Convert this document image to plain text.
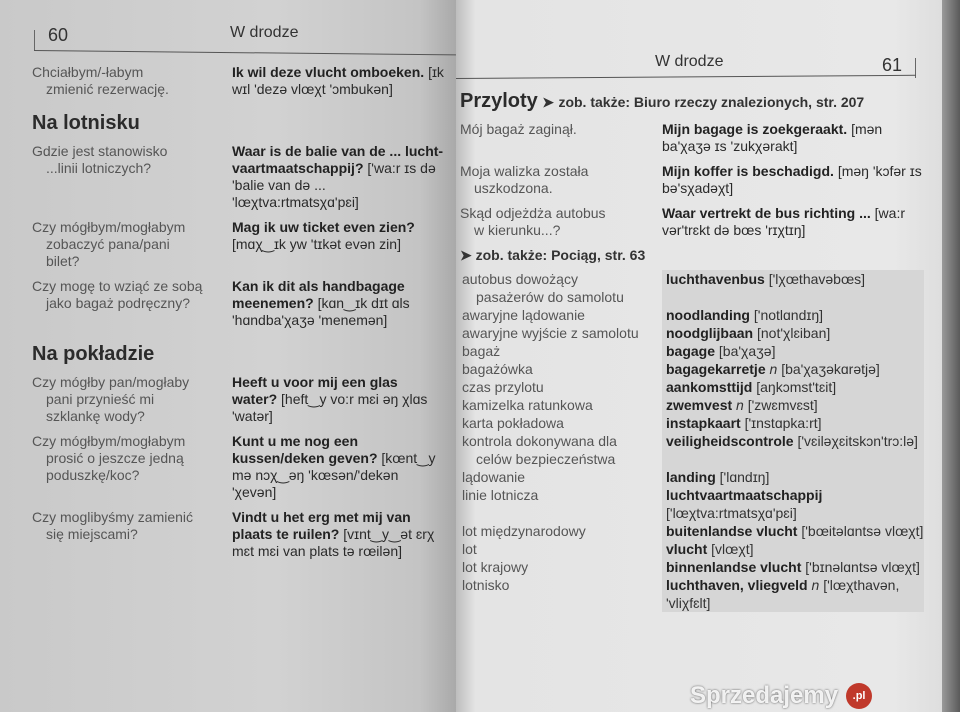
60	W drodze
Chciałbym/-łabym
zmienić rezerwację.
Ik wil deze vlucht omboeken. [ɪk wɪl 'dezə vlœχt 'ɔmbukən]
Na lotnisku
Gdzie jest stanowisko
...linii lotniczych?
Waar is de balie van de ... lucht-vaartmaatschappij? ['wa:r ɪs də 'balie van də ... 'lœχtva:rtmatsχɑ'pɛi]
Czy mógłbym/mogłabym
zobaczyć pana/pani
bilet?
Mag ik uw ticket even zien? [mɑχ‿ɪk yw 'tɪkət evən zin]
Czy mogę to wziąć ze sobą
jako bagaż podręczny?
Kan ik dit als handbagage meenemen? [kɑn‿ɪk dɪt ɑls 'hɑndba'χaʒə 'menemən]
Na pokładzie
Czy mógłby pan/mogłaby
pani przynieść mi
szklankę wody?
Heeft u voor mij een glas water? [heft‿y vo:r mɛi əŋ χlɑs 'watər]
Czy mógłbym/mogłabym
prosić o jeszcze jedną
poduszkę/koc?
Kunt u me nog een kussen/deken geven? [kœnt‿y mə nɔχ‿əŋ 'kœsən/'dekən 'χevən]
Czy moglibyśmy zamienić
się miejscami?
Vindt u het erg met mij van plaats te ruilen? [vɪnt‿y‿ət ɛrχ mɛt mɛi van plats tə rœilən]
W drodze	61
Przyloty ➤ zob. także: Biuro rzeczy znalezionych, str. 207
Mój bagaż zaginął.	Mijn bagage is zoekgeraakt. [mən ba'χaʒə ɪs 'zukχərakt]
Moja walizka została
uszkodzona.
Mijn koffer is beschadigd. [məŋ 'kɔfər ɪs bə'sχadəχt]
Skąd odjeżdża autobus
w kierunku...?
Waar vertrekt de bus richting ... [wa:r vər'trɛkt də bœs 'rɪχtɪŋ]
➤ zob. także: Pociąg, str. 63
autobus dowożący
pasażerów do samolotu
luchthavenbus ['lχœthavəbœs]
awaryjne lądowanie	noodlanding ['notlɑndɪŋ]
awaryjne wyjście z samolotu	noodglijbaan [not'χlɛiban]
bagaż	bagage [ba'χaʒə]
bagażówka	bagagekarretje n [ba'χaʒəkɑrətjə]
czas przylotu	aankomsttijd [aŋkɔmst'tɛit]
kamizelka ratunkowa	zwemvest n ['zwɛmvɛst]
karta pokładowa	instapkaart ['ɪnstɑpka:rt]
kontrola dokonywana dla
celów bezpieczeństwa
veiligheidscontrole ['vɛiləχɛitskɔn'trɔ:lə]
lądowanie	landing ['lɑndɪŋ]
linie lotnicza	luchtvaartmaatschappij ['lœχtva:rtmatsχɑ'pɛi]
lot międzynarodowy	buitenlandse vlucht ['bœitəlɑntsə vlœχt]
lot	vlucht [vlœχt]
lot krajowy	binnenlandse vlucht ['bɪnəlɑntsə vlœχt]
lotnisko	luchthaven, vliegveld n ['lœχthavən, 'vliχfɛlt]
Sprzedajemy	.pl
